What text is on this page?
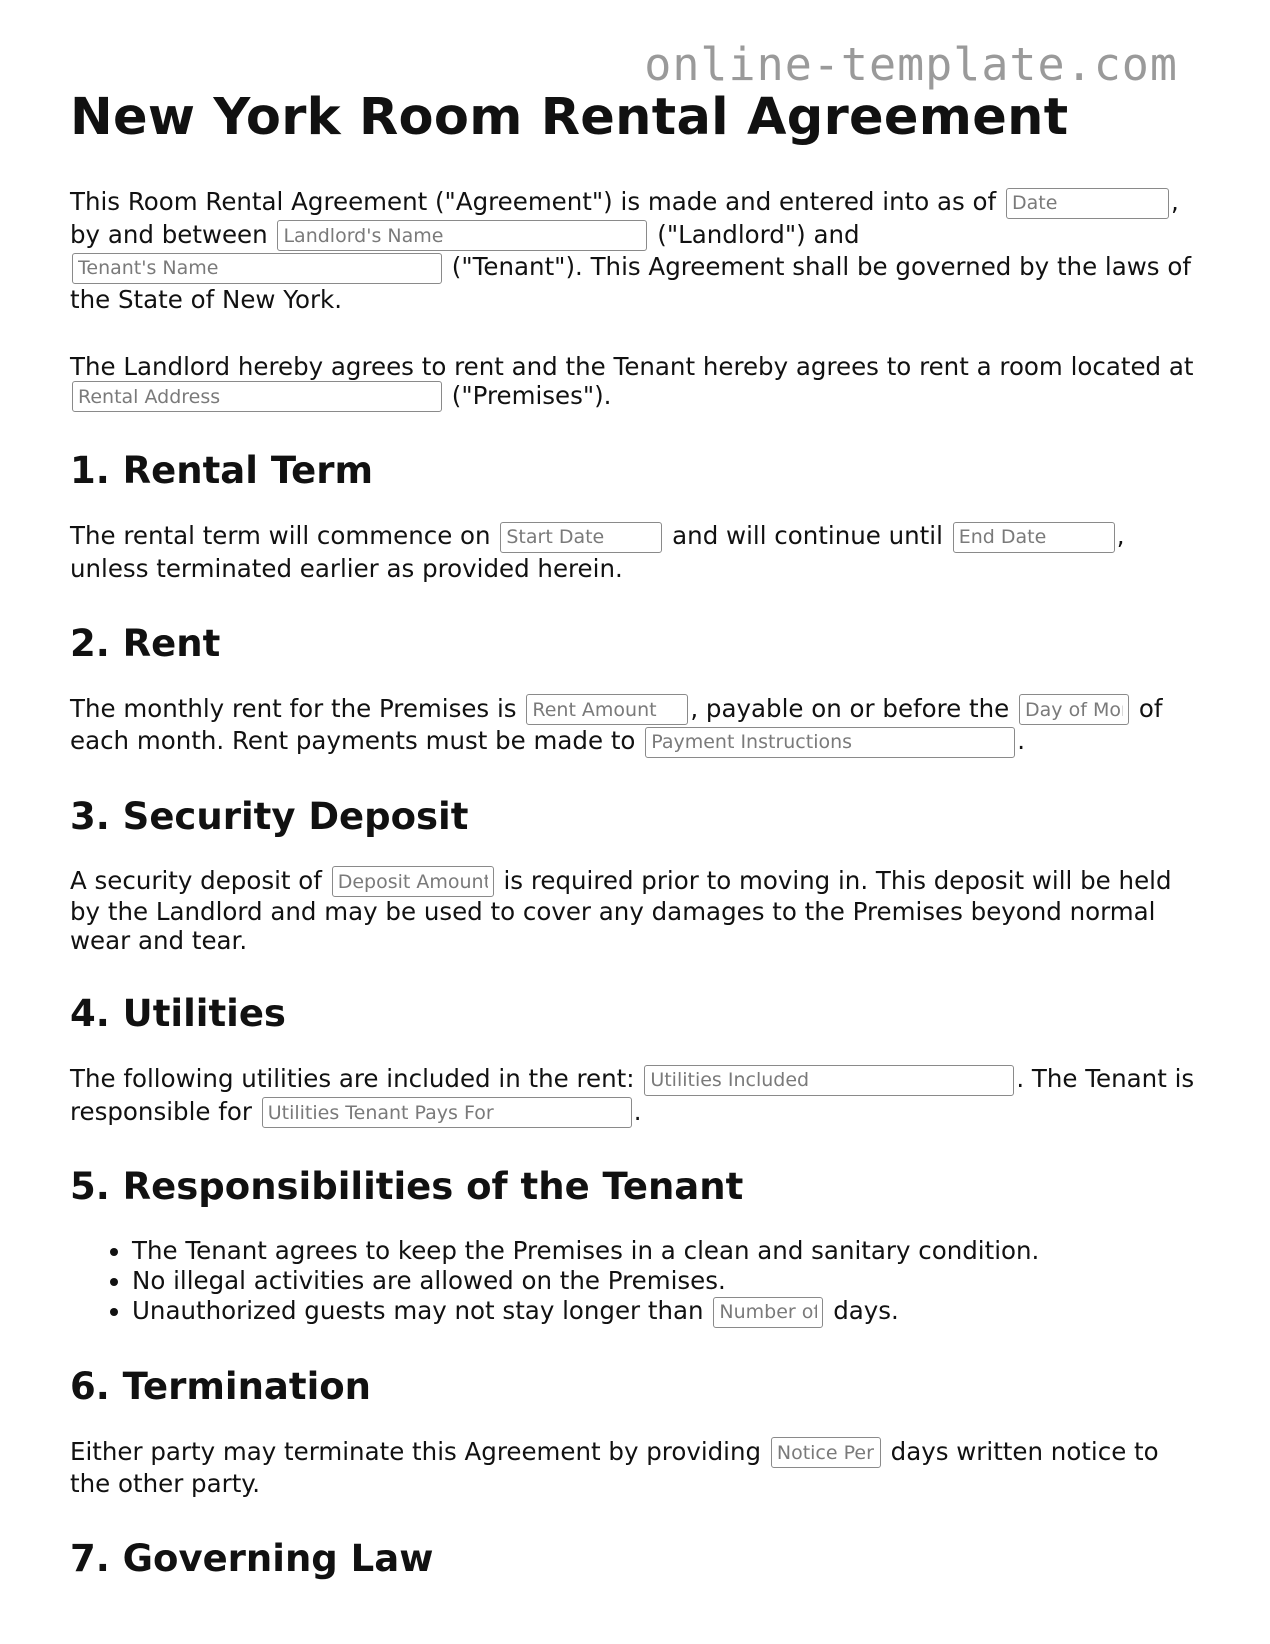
online-template.com
New York Room Rental Agreement

This Room Rental Agreement ("Agreement") is made and entered into as of Date	, by and between Landlord's Name	("Landlord") and Tenant's Name ("Tenant"). This Agreement shall be governed by the laws of the State of New York.

The Landlord hereby agrees to rent and the Tenant hereby agrees to rent a room located at Rental Address ("Premises").

1. Rental Term

The rental term will commence on Start Date	and will continue until End Date	, unless terminated earlier as provided herein.

2. Rent

The monthly rent for the Premises is Rent Amount	, payable on or before the Day of Month	of each month. Rent payments must be made to Payment Instructions	.

3. Security Deposit

A security deposit of Deposit Amount	is required prior to moving in. This deposit will be held by the Landlord and may be used to cover any damages to the Premises beyond normal wear and tear.

4. Utilities

The following utilities are included in the rent: Utilities Included	. The Tenant is responsible for Utilities Tenant Pays For	.

5. Responsibilities of the Tenant
• The Tenant agrees to keep the Premises in a clean and sanitary condition.
• No illegal activities are allowed on the Premises.
• Unauthorized guests may not stay longer than Number of Days	days.
6. Termination

Either party may terminate this Agreement by providing Notice Period	days written notice to the other party.

7. Governing Law
